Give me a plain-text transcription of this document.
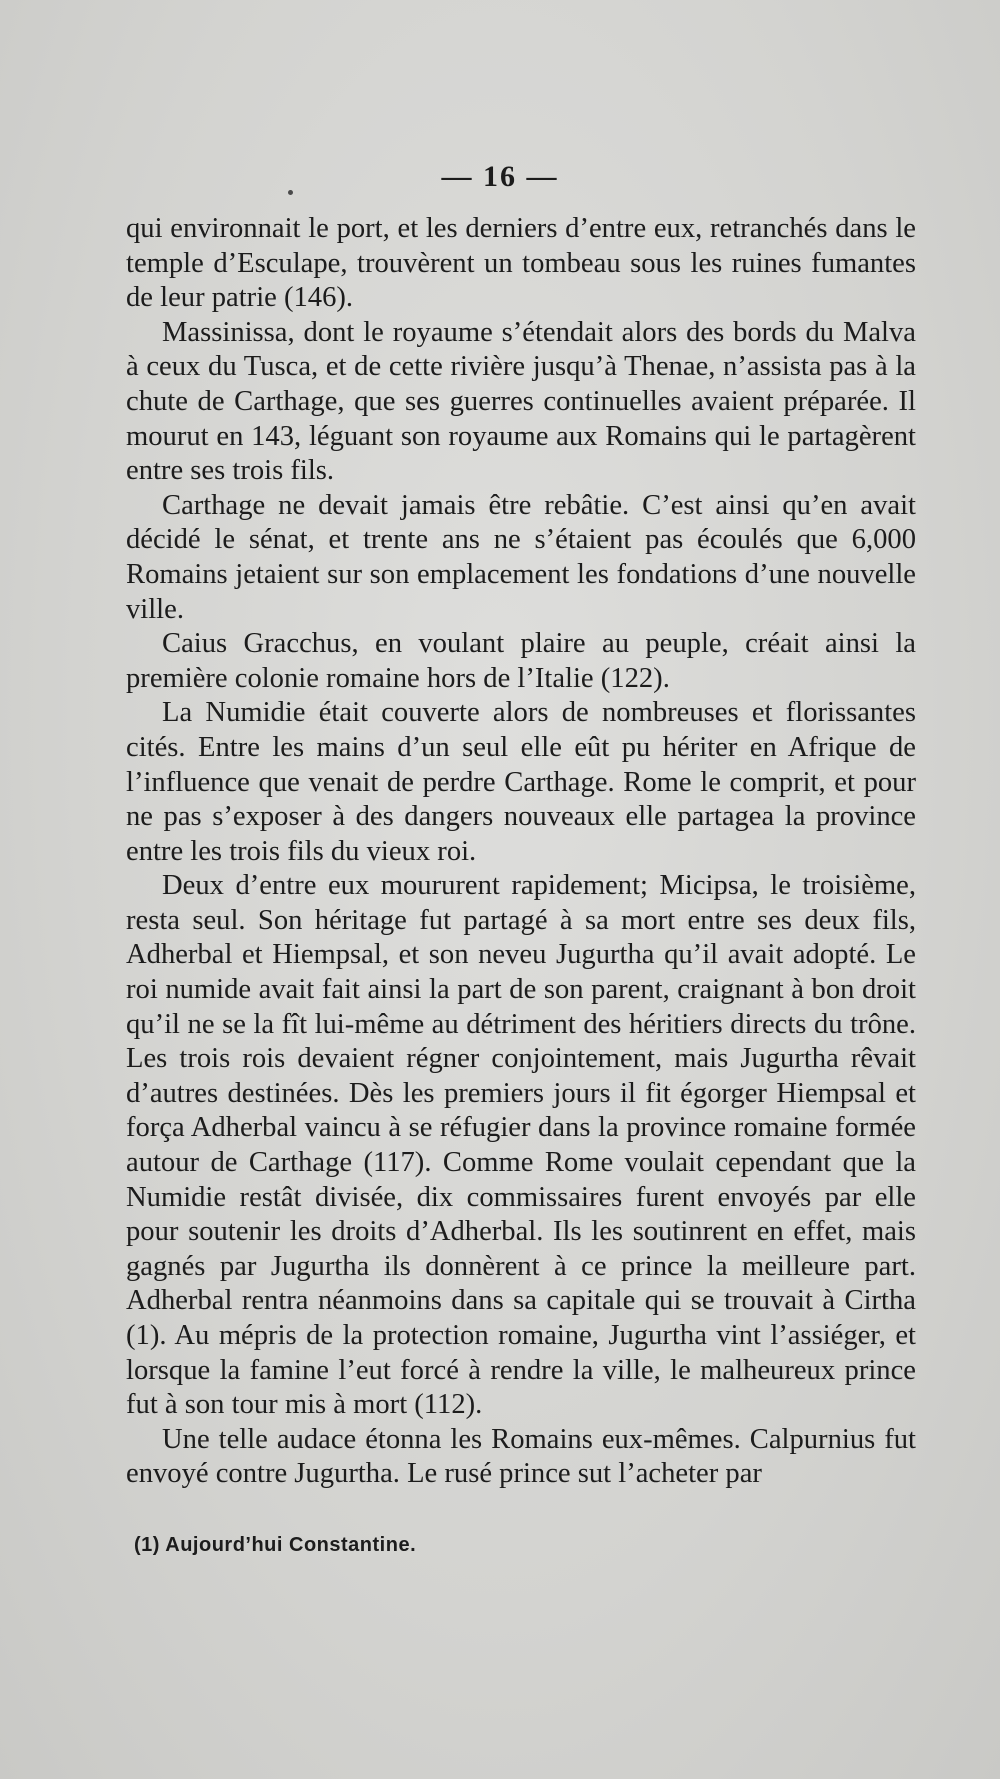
— 16 —

qui environnait le port, et les derniers d’entre eux, retranchés dans le temple d’Esculape, trouvèrent un tombeau sous les ruines fumantes de leur patrie (146).

Massinissa, dont le royaume s’étendait alors des bords du Malva à ceux du Tusca, et de cette rivière jusqu’à Thenae, n’assista pas à la chute de Carthage, que ses guerres continuelles avaient préparée. Il mourut en 143, léguant son royaume aux Romains qui le partagèrent entre ses trois fils.

Carthage ne devait jamais être rebâtie. C’est ainsi qu’en avait décidé le sénat, et trente ans ne s’étaient pas écoulés que 6,000 Romains jetaient sur son emplacement les fondations d’une nouvelle ville.

Caius Gracchus, en voulant plaire au peuple, créait ainsi la première colonie romaine hors de l’Italie (122).

La Numidie était couverte alors de nombreuses et florissantes cités. Entre les mains d’un seul elle eût pu hériter en Afrique de l’influence que venait de perdre Carthage. Rome le comprit, et pour ne pas s’exposer à des dangers nouveaux elle partagea la province entre les trois fils du vieux roi.

Deux d’entre eux moururent rapidement; Micipsa, le troisième, resta seul. Son héritage fut partagé à sa mort entre ses deux fils, Adherbal et Hiempsal, et son neveu Jugurtha qu’il avait adopté. Le roi numide avait fait ainsi la part de son parent, craignant à bon droit qu’il ne se la fît lui-même au détriment des héritiers directs du trône. Les trois rois devaient régner conjointement, mais Jugurtha rêvait d’autres destinées. Dès les premiers jours il fit égorger Hiempsal et força Adherbal vaincu à se réfugier dans la province romaine formée autour de Carthage (117). Comme Rome voulait cependant que la Numidie restât divisée, dix commissaires furent envoyés par elle pour soutenir les droits d’Adherbal. Ils les soutinrent en effet, mais gagnés par Jugurtha ils donnèrent à ce prince la meilleure part. Adherbal rentra néanmoins dans sa capitale qui se trouvait à Cirtha (1). Au mépris de la protection romaine, Jugurtha vint l’assiéger, et lorsque la famine l’eut forcé à rendre la ville, le malheureux prince fut à son tour mis à mort (112).

Une telle audace étonna les Romains eux-mêmes. Calpurnius fut envoyé contre Jugurtha. Le rusé prince sut l’acheter par

(1) Aujourd’hui Constantine.
